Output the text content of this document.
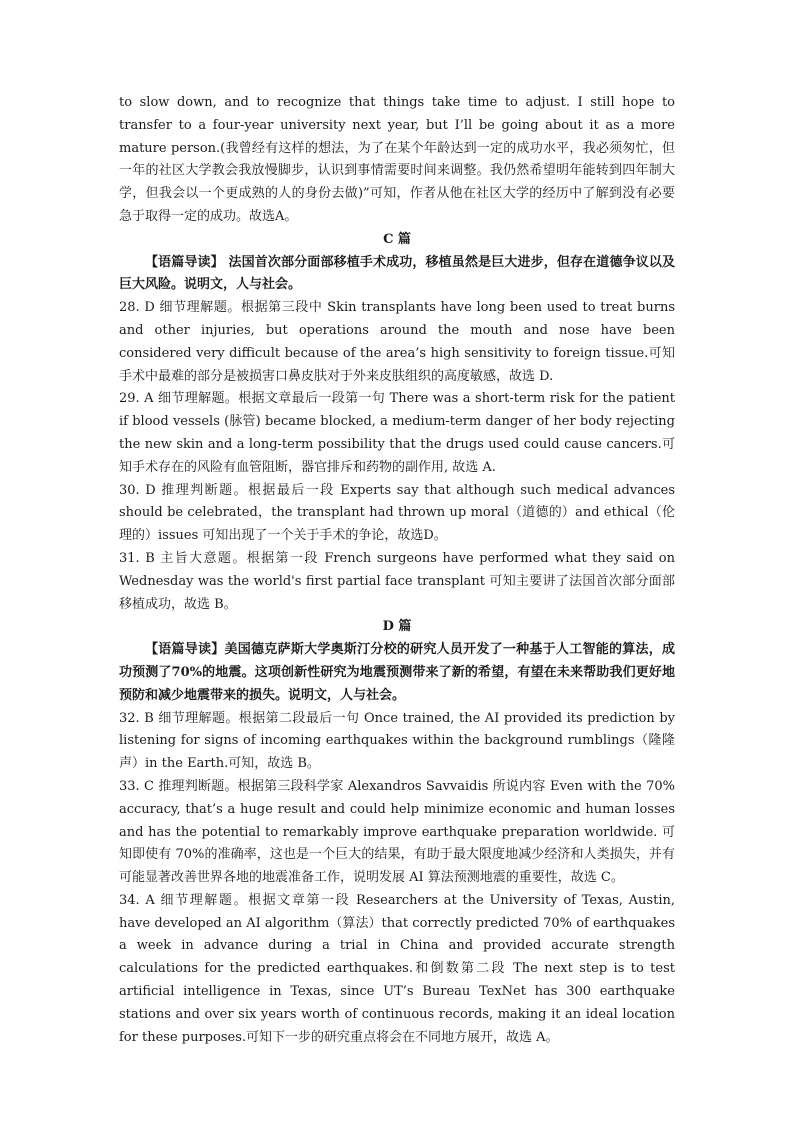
to slow down, and to recognize that things take time to adjust. I still hope to transfer to a four-year university next year, but I’ll be going about it as a more mature person.(我曾经有这样的想法，为了在某个年龄达到一定的成功水平，我必须匆忙，但一年的社区大学教会我放慢脚步，认识到事情需要时间来调整。我仍然希望明年能转到四年制大学，但我会以一个更成熟的人的身份去做)”可知，作者从他在社区大学的经历中了解到没有必要急于取得一定的成功。故选A。

C 篇

【语篇导读】 法国首次部分面部移植手术成功，移植虽然是巨大进步，但存在道德争议以及巨大风险。说明文，人与社会。

28. D 细节理解题。根据第三段中 Skin transplants have long been used to treat burns and other injuries, but operations around the mouth and nose have been considered very difficult because of the area’s high sensitivity to foreign tissue.可知手术中最难的部分是被损害口鼻皮肤对于外来皮肤组织的高度敏感，故选 D.

29. A 细节理解题。根据文章最后一段第一句 There was a short-term risk for the patient if blood vessels (脉管) became blocked, a medium-term danger of her body rejecting the new skin and a long-term possibility that the drugs used could cause cancers.可知手术存在的风险有血管阻断，器官排斥和药物的副作用, 故选 A.

30. D 推理判断题。根据最后一段 Experts say that although such medical advances should be celebrated，the transplant had thrown up moral（道德的）and ethical（伦理的）issues 可知出现了一个关于手术的争论，故选D。

31. B 主旨大意题。根据第一段 French surgeons have performed what they said on Wednesday was the world's first partial face transplant 可知主要讲了法国首次部分面部移植成功，故选 B。

D 篇

【语篇导读】美国德克萨斯大学奥斯汀分校的研究人员开发了一种基于人工智能的算法，成功预测了70%的地震。这项创新性研究为地震预测带来了新的希望，有望在未来帮助我们更好地预防和减少地震带来的损失。说明文，人与社会。

32. B 细节理解题。根据第二段最后一句 Once trained, the AI provided its prediction by listening for signs of incoming earthquakes within the background rumblings（隆隆声）in the Earth.可知，故选 B。

33. C 推理判断题。根据第三段科学家 Alexandros Savvaidis 所说内容 Even with the 70% accuracy, that’s a huge result and could help minimize economic and human losses and has the potential to remarkably improve earthquake preparation worldwide. 可知即使有 70%的准确率，这也是一个巨大的结果，有助于最大限度地减少经济和人类损失，并有可能显著改善世界各地的地震准备工作，说明发展 AI 算法预测地震的重要性，故选 C。

34. A 细节理解题。根据文章第一段 Researchers at the University of Texas, Austin, have developed an AI algorithm（算法）that correctly predicted 70% of earthquakes a week in advance during a trial in China and provided accurate strength calculations for the predicted earthquakes.和倒数第二段 The next step is to test artificial intelligence in Texas, since UT’s Bureau TexNet has 300 earthquake stations and over six years worth of continuous records, making it an ideal location for these purposes.可知下一步的研究重点将会在不同地方展开，故选 A。
